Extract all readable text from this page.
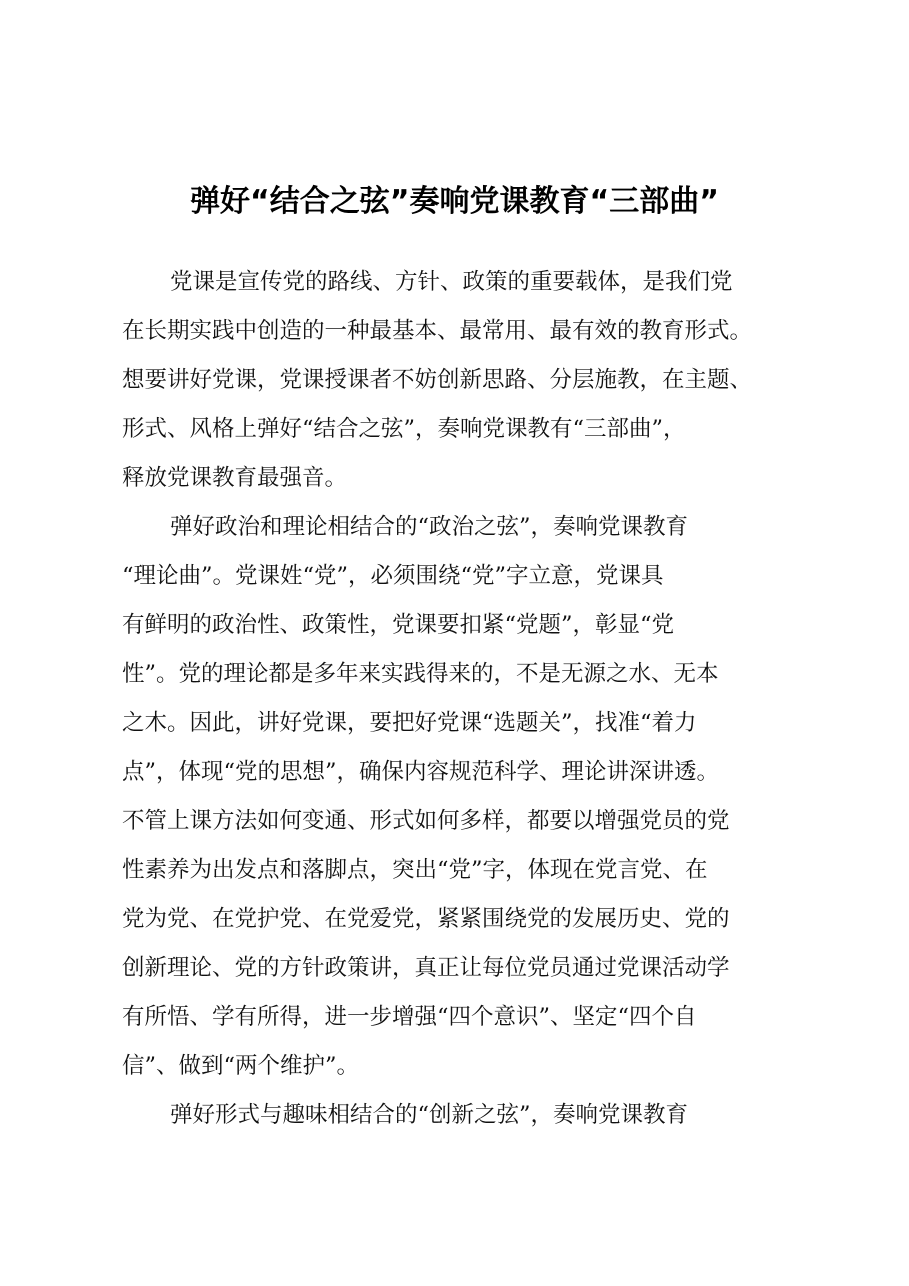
弹好“结合之弦”奏响党课教育“三部曲”
党课是宣传党的路线、方针、政策的重要载体，是我们党
在长期实践中创造的一种最基本、最常用、最有效的教育形式。
想要讲好党课，党课授课者不妨创新思路、分层施教，在主题、
形式、风格上弹好“结合之弦”，奏响党课教有“三部曲”，
释放党课教育最强音。
弹好政治和理论相结合的“政治之弦”，奏响党课教育
“理论曲”。党课姓“党”，必须围绕“党”字立意，党课具
有鲜明的政治性、政策性，党课要扣紧“党题”，彰显“党
性”。党的理论都是多年来实践得来的，不是无源之水、无本
之木。因此，讲好党课，要把好党课“选题关”，找准“着力
点”，体现“党的思想”，确保内容规范科学、理论讲深讲透。
不管上课方法如何变通、形式如何多样，都要以增强党员的党
性素养为出发点和落脚点，突出“党”字，体现在党言党、在
党为党、在党护党、在党爱党，紧紧围绕党的发展历史、党的
创新理论、党的方针政策讲，真正让每位党员通过党课活动学
有所悟、学有所得，进一步增强“四个意识”、坚定“四个自
信”、做到“两个维护”。
弹好形式与趣味相结合的“创新之弦”，奏响党课教育
